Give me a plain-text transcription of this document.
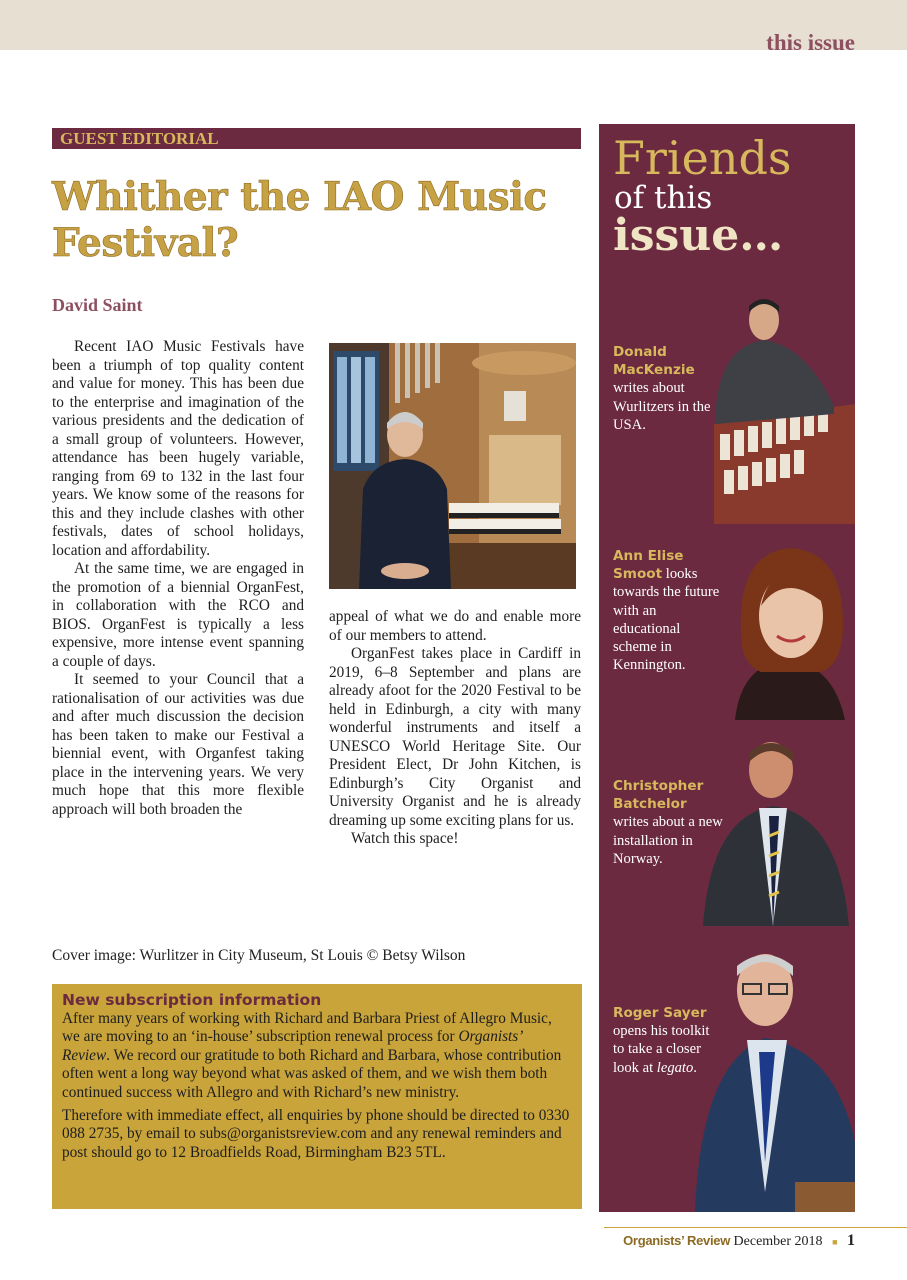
this issue
GUEST EDITORIAL
Whither the IAO Music Festival?
David Saint

Recent IAO Music Festivals have been a triumph of top quality content and value for money. This has been due to the enterprise and imagination of the various presidents and the dedication of a small group of volunteers. However, attendance has been hugely variable, ranging from 69 to 132 in the last four years. We know some of the reasons for this and they include clashes with other festivals, dates of school holidays, location and affordability.

At the same time, we are engaged in the promotion of a biennial OrganFest, in collaboration with the RCO and BIOS. OrganFest is typically a less expensive, more intense event spanning a couple of days.

It seemed to your Council that a rationalisation of our activities was due and after much discussion the decision has been taken to make our Festival a biennial event, with Organfest taking place in the intervening years. We very much hope that this more flexible approach will both broaden the

appeal of what we do and enable more of our members to attend.

OrganFest takes place in Cardiff in 2019, 6–8 September and plans are already afoot for the 2020 Festival to be held in Edinburgh, a city with many wonderful instruments and itself a UNESCO World Heritage Site. Our President Elect, Dr John Kitchen, is Edinburgh’s City Organist and University Organist and he is already dreaming up some exciting plans for us.

Watch this space!

Cover image: Wurlitzer in City Museum, St Louis © Betsy Wilson
New subscription information

After many years of working with Richard and Barbara Priest of Allegro Music, we are moving to an ‘in-house’ subscription renewal process for Organists’ Review. We record our gratitude to both Richard and Barbara, whose contribution often went a long way beyond what was asked of them, and we wish them both continued success with Allegro and with Richard’s new ministry.

Therefore with immediate effect, all enquiries by phone should be directed to 0330 088 2735, by email to subs@organistsreview.com and any renewal reminders and post should go to 12 Broadfields Road, Birmingham B23 5TL.

Friends
of this
issue…
Donald MacKenzie writes about Wurlitzers in the USA.
Ann Elise Smoot looks towards the future with an educational scheme in Kennington.
Christopher Batchelor writes about a new installation in Norway.
Roger Sayer opens his toolkit to take a closer look at legato.
Organists’ Review December 2018 ■ 1
